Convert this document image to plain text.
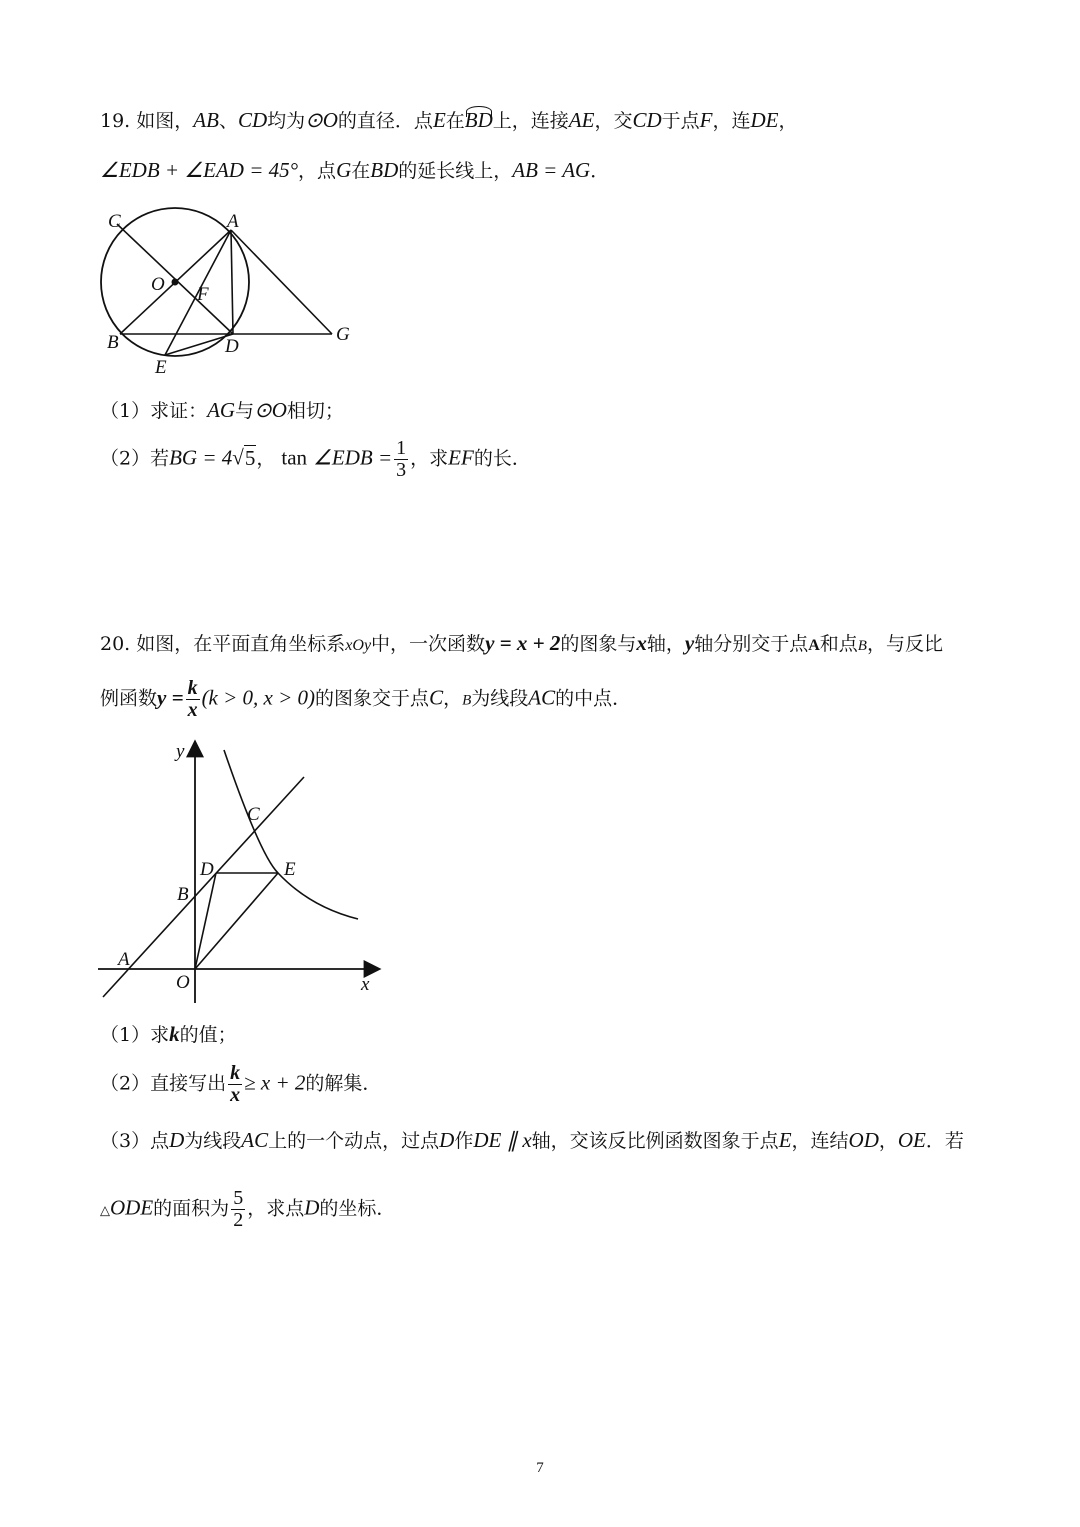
19. 如图，AB、CD均为⊙O的直径．点E在BD上，连接AE，交CD于点F，连DE，
∠EDB + ∠EAD = 45°，点G在BD的延长线上，AB = AG．
C	A
O F
B	D
G
E
（1）求证：AG与⊙O相切；
（2）若BG = 4√5， tan ∠EDB = $\frac{1}{3}$ ，求EF的长．
20. 如图，在平面直角坐标系xOy中，一次函数y = x + 2的图象与x轴，y轴分别交于点A和点B，与反比
例函数$y = \frac{k}{x} (k > 0$, x > 0)的图象交于点C，B为线段AC的中点．
y
C
D	E
B
A
O	x
（1）求k的值；
（2）直接写出 $\frac{k}{x} \ge x + 2$的解集．
（3）点D为线段AC上的一个动点，过点D作DE ∥ x轴，交该反比例函数图象于点E，连结OD，OE．若
△ODE的面积为 $\frac{5}{2}$ ，求点D的坐标．
7
